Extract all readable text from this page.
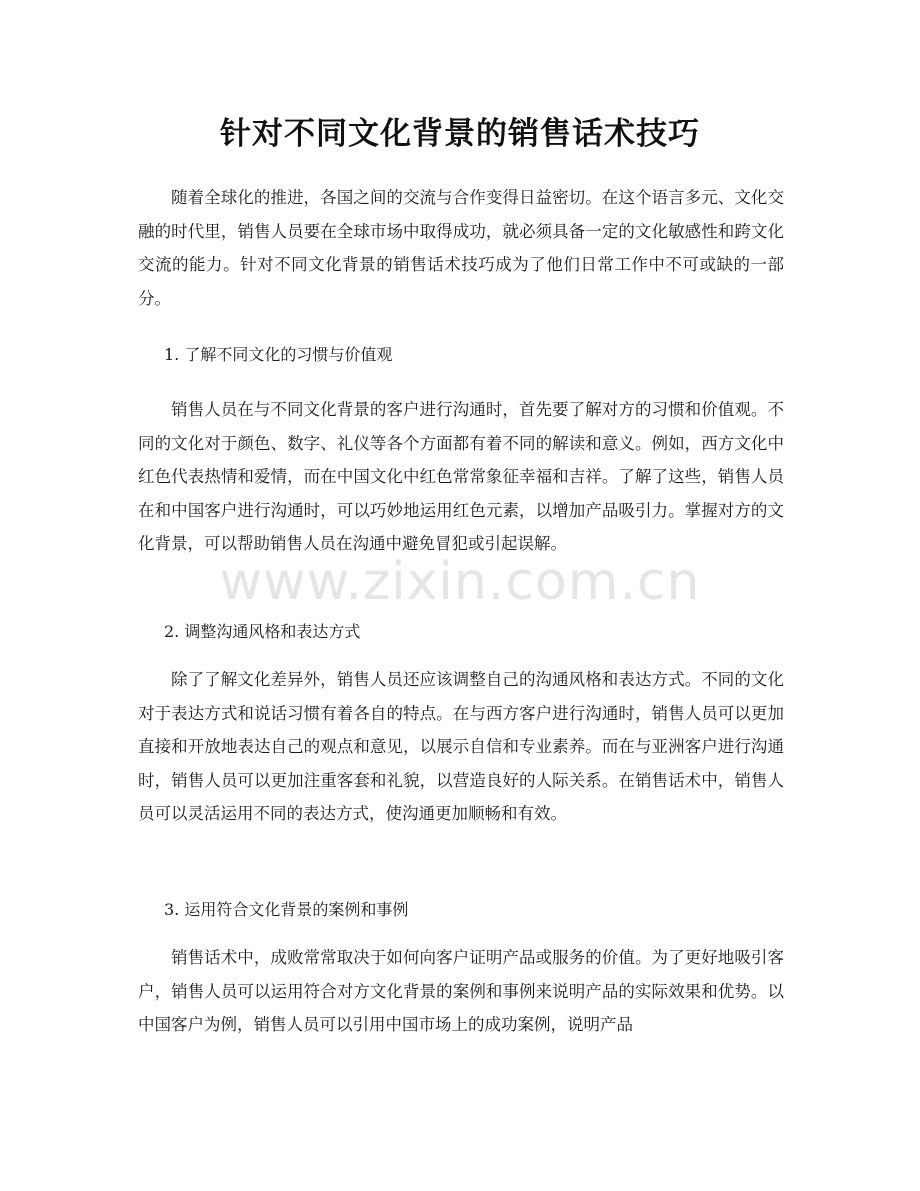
针对不同文化背景的销售话术技巧

随着全球化的推进，各国之间的交流与合作变得日益密切。在这个语言多元、文化交融的时代里，销售人员要在全球市场中取得成功，就必须具备一定的文化敏感性和跨文化交流的能力。针对不同文化背景的销售话术技巧成为了他们日常工作中不可或缺的一部分。

1. 了解不同文化的习惯与价值观

销售人员在与不同文化背景的客户进行沟通时，首先要了解对方的习惯和价值观。不同的文化对于颜色、数字、礼仪等各个方面都有着不同的解读和意义。例如，西方文化中红色代表热情和爱情，而在中国文化中红色常常象征幸福和吉祥。了解了这些，销售人员在和中国客户进行沟通时，可以巧妙地运用红色元素，以增加产品吸引力。掌握对方的文化背景，可以帮助销售人员在沟通中避免冒犯或引起误解。

2. 调整沟通风格和表达方式

除了了解文化差异外，销售人员还应该调整自己的沟通风格和表达方式。不同的文化对于表达方式和说话习惯有着各自的特点。在与西方客户进行沟通时，销售人员可以更加直接和开放地表达自己的观点和意见，以展示自信和专业素养。而在与亚洲客户进行沟通时，销售人员可以更加注重客套和礼貌，以营造良好的人际关系。在销售话术中，销售人员可以灵活运用不同的表达方式，使沟通更加顺畅和有效。

3. 运用符合文化背景的案例和事例

销售话术中，成败常常取决于如何向客户证明产品或服务的价值。为了更好地吸引客户，销售人员可以运用符合对方文化背景的案例和事例来说明产品的实际效果和优势。以中国客户为例，销售人员可以引用中国市场上的成功案例，说明产品

www.zixin.com.cn
